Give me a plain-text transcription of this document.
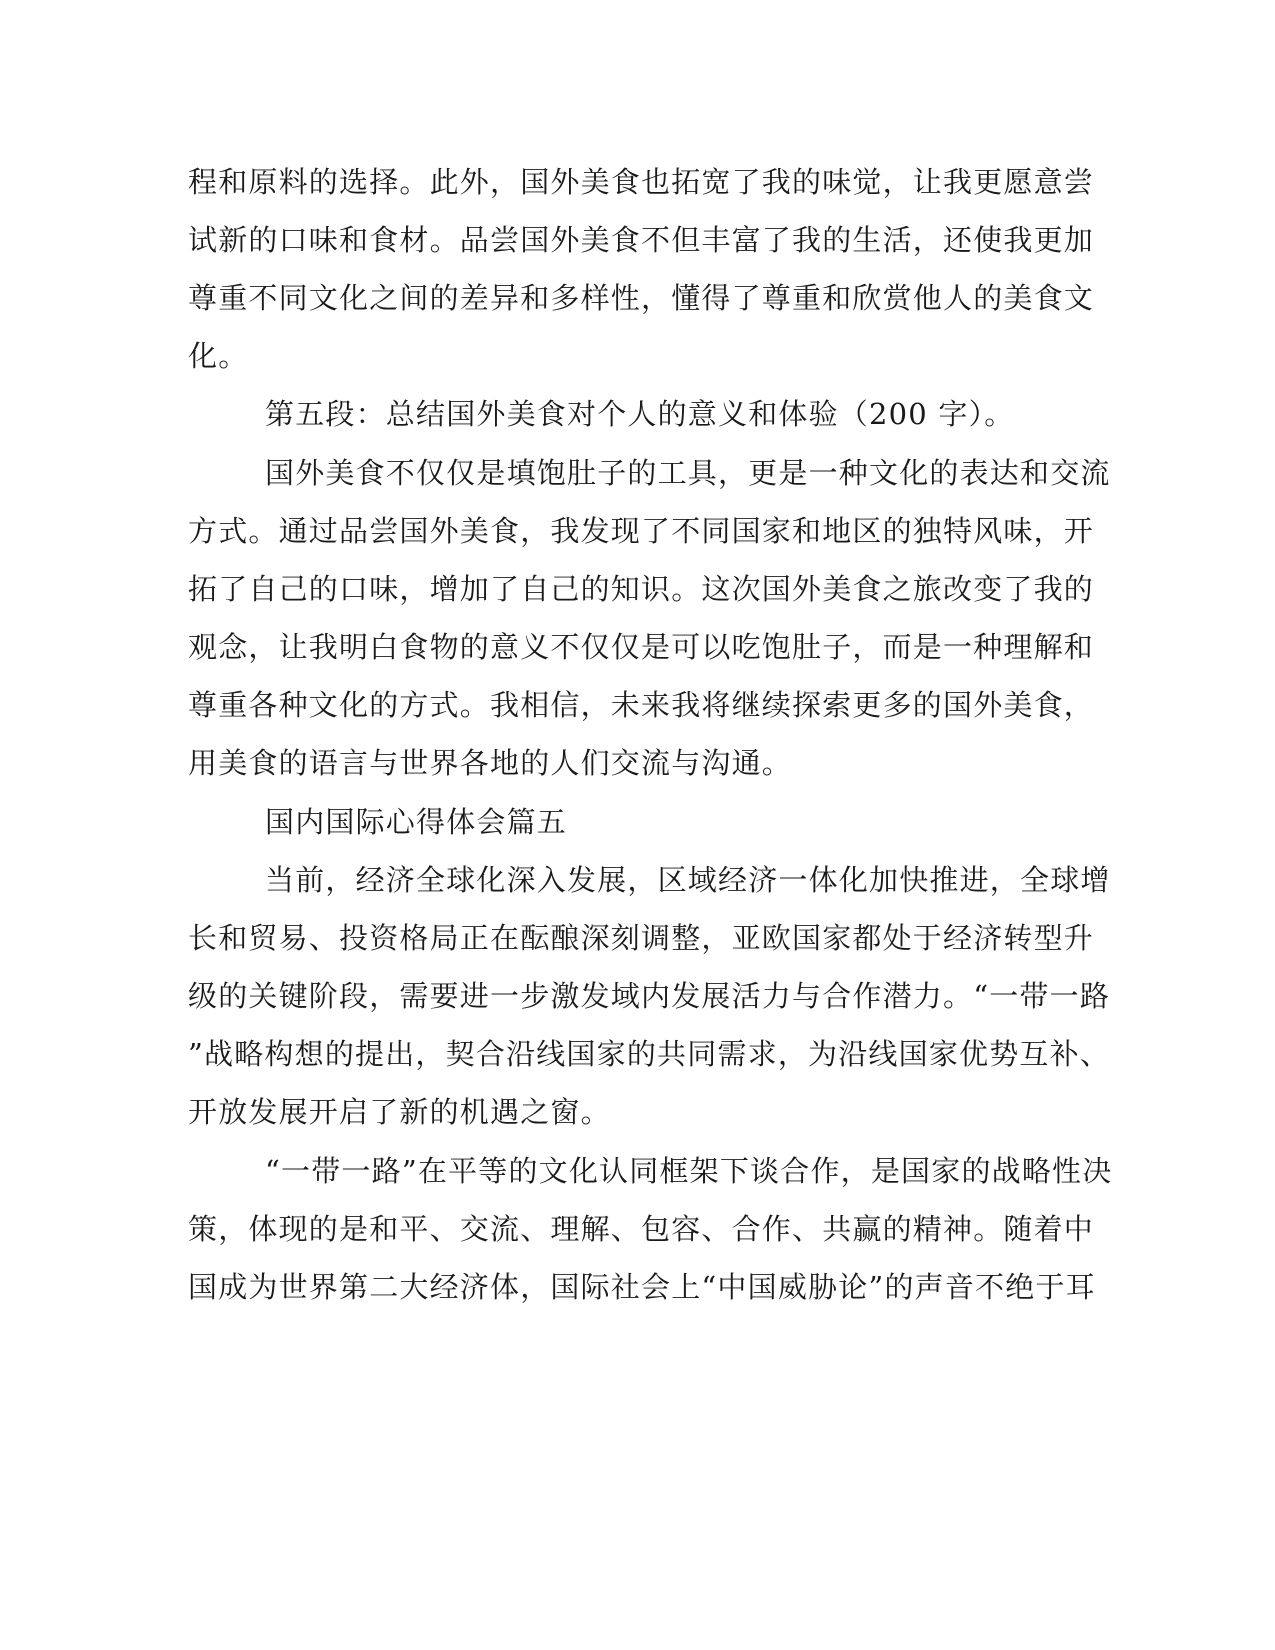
程和原料的选择。此外，国外美食也拓宽了我的味觉，让我更愿意尝
试新的口味和食材。品尝国外美食不但丰富了我的生活，还使我更加
尊重不同文化之间的差异和多样性，懂得了尊重和欣赏他人的美食文
化。
第五段：总结国外美食对个人的意义和体验（200 字）。
国外美食不仅仅是填饱肚子的工具，更是一种文化的表达和交流
方式。通过品尝国外美食，我发现了不同国家和地区的独特风味，开
拓了自己的口味，增加了自己的知识。这次国外美食之旅改变了我的
观念，让我明白食物的意义不仅仅是可以吃饱肚子，而是一种理解和
尊重各种文化的方式。我相信，未来我将继续探索更多的国外美食，
用美食的语言与世界各地的人们交流与沟通。
国内国际心得体会篇五
当前，经济全球化深入发展，区域经济一体化加快推进，全球增
长和贸易、投资格局正在酝酿深刻调整，亚欧国家都处于经济转型升
级的关键阶段，需要进一步激发域内发展活力与合作潜力。“一带一路
”战略构想的提出，契合沿线国家的共同需求，为沿线国家优势互补、
开放发展开启了新的机遇之窗。
“一带一路”在平等的文化认同框架下谈合作，是国家的战略性决
策，体现的是和平、交流、理解、包容、合作、共赢的精神。随着中
国成为世界第二大经济体，国际社会上“中国威胁论”的声音不绝于耳
